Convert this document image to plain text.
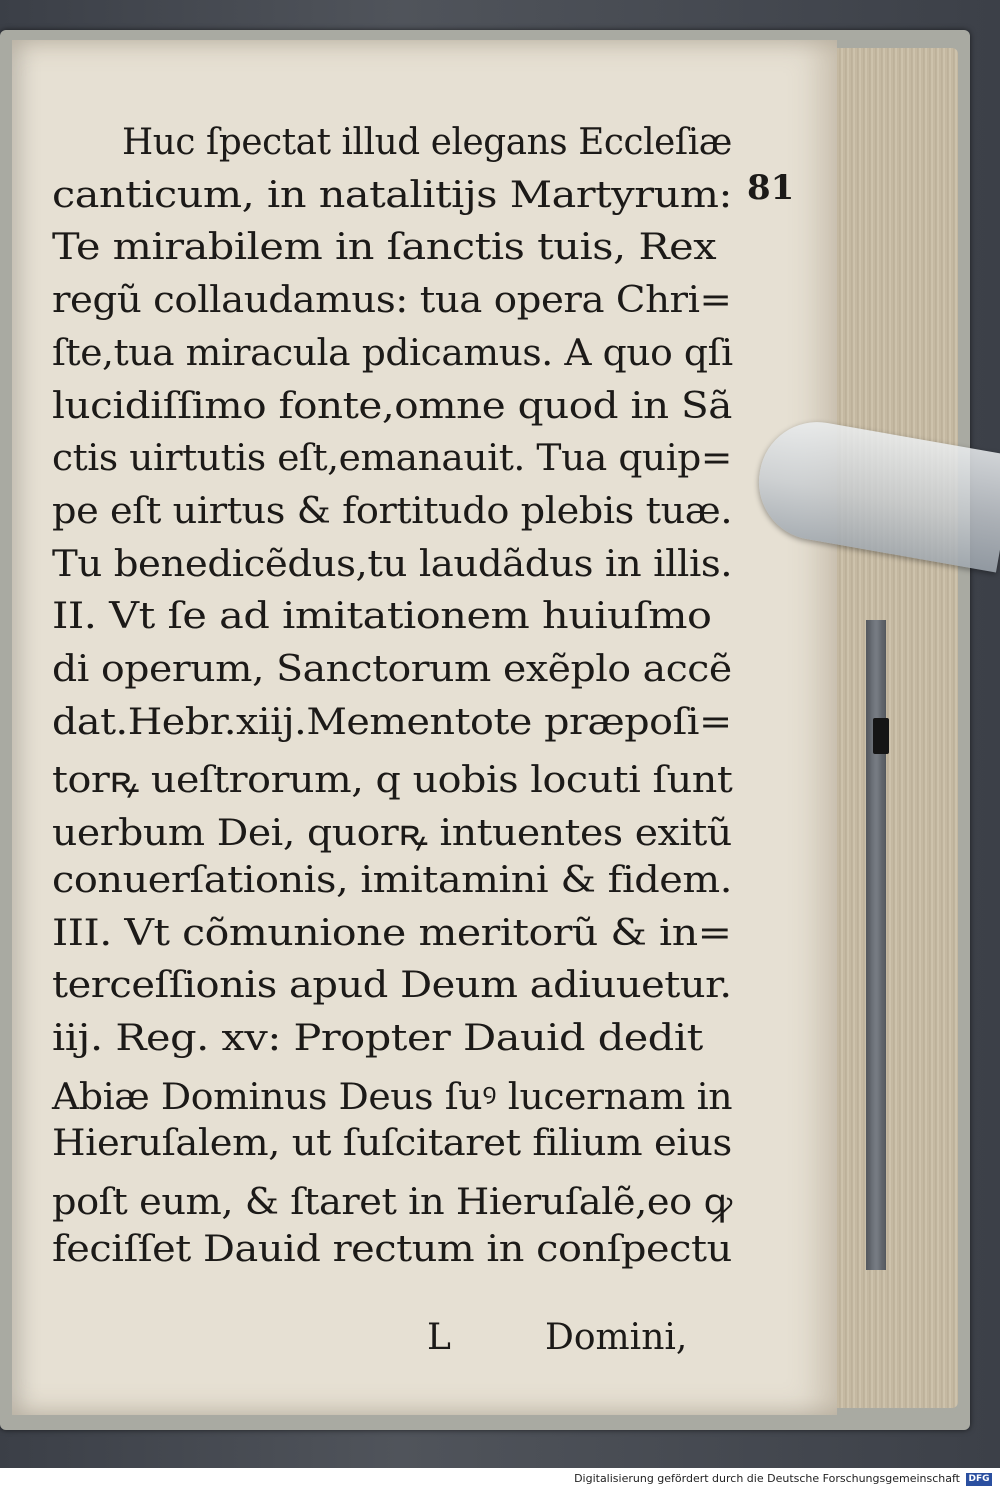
81
Huc ſpectat illud elegans Eccleſiæ
canticum, in natalitijs Martyrum:
Te mirabilem in ſanctis tuis, Rex
regũ collaudamus: tua opera Chri=
ſte,tua miracula pdicamus. A quo qſi
lucidiſſimo fonte,omne quod in Sã
ctis uirtutis eſt,emanauit. Tua quip=
pe eſt uirtus & fortitudo plebis tuæ.
Tu benedicẽdus,tu laudãdus in illis.
II. Vt ſe ad imitationem huiuſmo
di operum, Sanctorum exẽplo accẽ
dat.Hebr.xiij.Mementote præpoſi=
torꝶ ueſtrorum, q uobis locuti ſunt
uerbum Dei, quorꝶ intuentes exitũ
conuerſationis, imitamini & fidem.
III. Vt cõmunione meritorũ & in=
terceſſionis apud Deum adiuuetur.
iij. Reg. xv: Propter Dauid dedit
Abiæ Dominus Deus ſuꝰ lucernam in
Hieruſalem, ut ſuſcitaret filium eius
poſt eum, & ſtaret in Hieruſalẽ,eo ꝙ
feciſſet Dauid rectum in conſpectu
L	Domini,
Digitalisierung gefördert durch die Deutsche Forschungsgemeinschaft DFG
